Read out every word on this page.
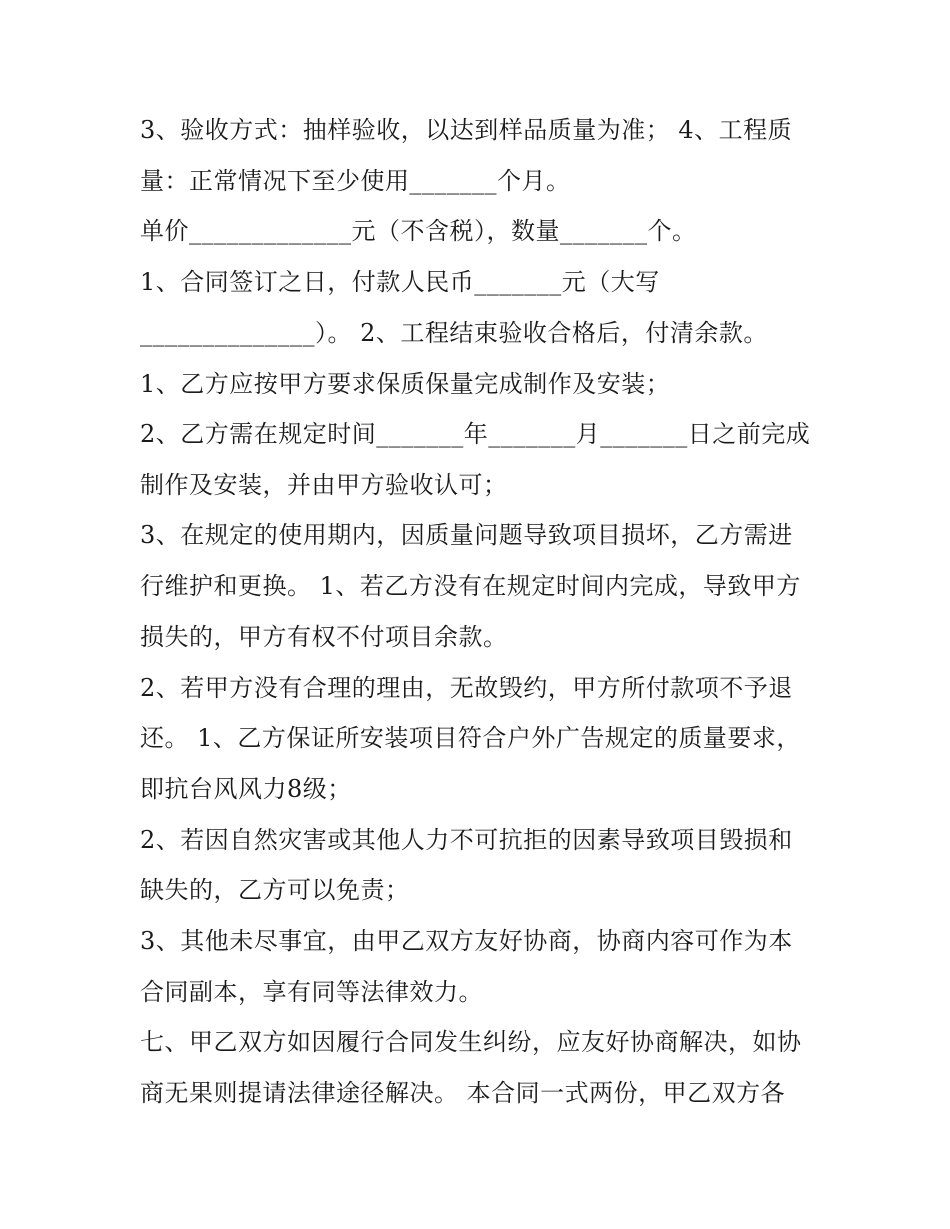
3、验收方式：抽样验收，以达到样品质量为准； 4、工程质
量：正常情况下至少使用_______个月。
单价_____________元（不含税），数量_______个。
1、合同签订之日，付款人民币_______元（大写
______________）。 2、工程结束验收合格后，付清余款。
1、乙方应按甲方要求保质保量完成制作及安装；
2、乙方需在规定时间_______年_______月_______日之前完成
制作及安装，并由甲方验收认可；
3、在规定的使用期内，因质量问题导致项目损坏，乙方需进
行维护和更换。 1、若乙方没有在规定时间内完成，导致甲方
损失的，甲方有权不付项目余款。
2、若甲方没有合理的理由，无故毁约，甲方所付款项不予退
还。 1、乙方保证所安装项目符合户外广告规定的质量要求，
即抗台风风力8级；
2、若因自然灾害或其他人力不可抗拒的因素导致项目毁损和
缺失的，乙方可以免责；
3、其他未尽事宜，由甲乙双方友好协商，协商内容可作为本
合同副本，享有同等法律效力。
七、甲乙双方如因履行合同发生纠纷，应友好协商解决，如协
商无果则提请法律途径解决。 本合同一式两份，甲乙双方各
